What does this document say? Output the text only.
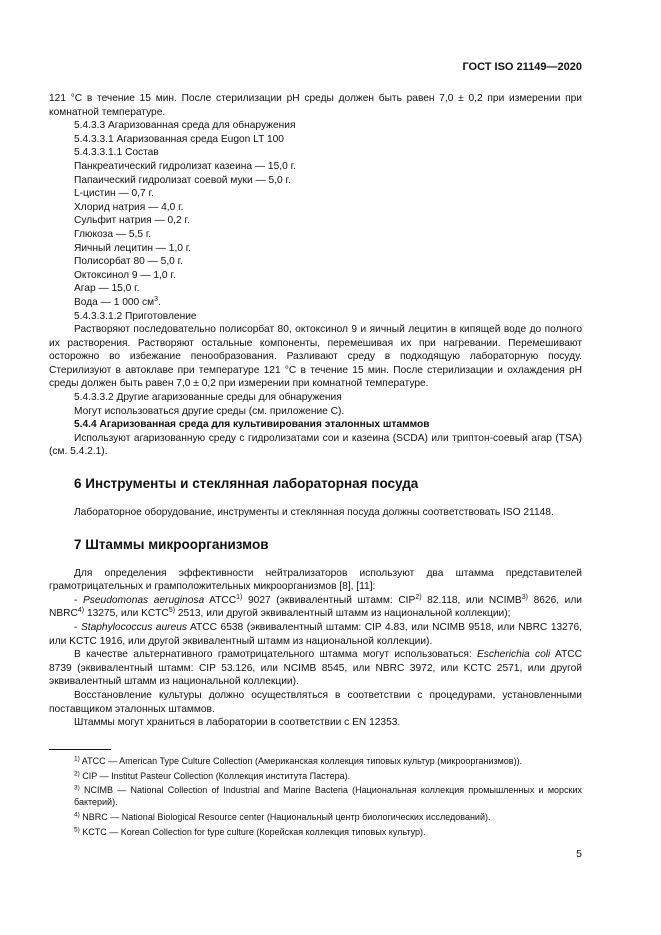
ГОСТ ISO 21149—2020

121 °С в течение 15 мин. После стерилизации рН среды должен быть равен 7,0 ± 0,2 при измерении при комнатной температуре.

5.4.3.3 Агаризованная среда для обнаружения

5.4.3.3.1 Агаризованная среда Eugon LT 100

5.4.3.3.1.1 Состав

Панкреатический гидролизат казеина — 15,0 г.

Папаический гидролизат соевой муки — 5,0 г.

L-цистин — 0,7 г.

Хлорид натрия — 4,0 г.

Сульфит натрия — 0,2 г.

Глюкоза — 5,5 г.

Яичный лецитин — 1,0 г.

Полисорбат 80 — 5,0 г.

Октоксинол 9 — 1,0 г.

Агар — 15,0 г.

Вода — 1 000 $см^3$.

5.4.3.3.1.2 Приготовление

Растворяют последовательно полисорбат 80, октоксинол 9 и яичный лецитин в кипящей воде до полного их растворения. Растворяют остальные компоненты, перемешивая их при нагревании. Перемешивают осторожно во избежание пенообразования. Разливают среду в подходящую лабораторную посуду. Стерилизуют в автоклаве при температуре 121 °С в течение 15 мин. После стерилизации и охлаждения рН среды должен быть равен 7,0 ± 0,2 при измерении при комнатной температуре.

5.4.3.3.2 Другие агаризованные среды для обнаружения

Могут использоваться другие среды (см. приложение С).

5.4.4 Агаризованная среда для культивирования эталонных штаммов

Используют агаризованную среду с гидролизатами сои и казеина (SCDA) или триптон-соевый агар (TSA) (см. 5.4.2.1).

6 Инструменты и стеклянная лабораторная посуда

Лабораторное оборудование, инструменты и стеклянная посуда должны соответствовать ISO 21148.

7 Штаммы микроорганизмов

Для определения эффективности нейтрализаторов используют два штамма представителей грамотрицательных и грамположительных микроорганизмов [8], [11]:

- Pseudomonas aeruginosa ATCC$^{1)}$ 9027 (эквивалентный штамм: CIP$^{2)}$ 82.118, или NCIMB$^{3)}$ 8626, или NBRC$^{4)}$ 13275, или KCTC$^{5)}$ 2513, или другой эквивалентный штамм из национальной коллекции);

- Staphylococcus aureus ATCC 6538 (эквивалентный штамм: CIP 4.83, или NCIMB 9518, или NBRC 13276, или KCTC 1916, или другой эквивалентный штамм из национальной коллекции).

В качестве альтернативного грамотрицательного штамма могут использоваться: Escherichia coli ATCC 8739 (эквивалентный штамм: CIP 53.126, или NCIMB 8545, или NBRC 3972, или KCTC 2571, или другой эквивалентный штамм из национальной коллекции).

Восстановление культуры должно осуществляться в соответствии с процедурами, установленными поставщиком эталонных штаммов.

Штаммы могут храниться в лаборатории в соответствии с EN 12353.

$^{1)}$ ATCC — American Type Culture Collection (Американская коллекция типовых культур (микроорганизмов)).

$^{2)}$ CIP — Institut Pasteur Collection (Коллекция института Пастера).

$^{3)}$ NCIMB — National Collection of Industrial and Marine Bacteria (Национальная коллекция промышленных и морских бактерий).

$^{4)}$ NBRC — National Biological Resource center (Национальный центр биологических исследований).

$^{5)}$ KCTC — Korean Collection for type culture (Корейская коллекция типовых культур).

5
